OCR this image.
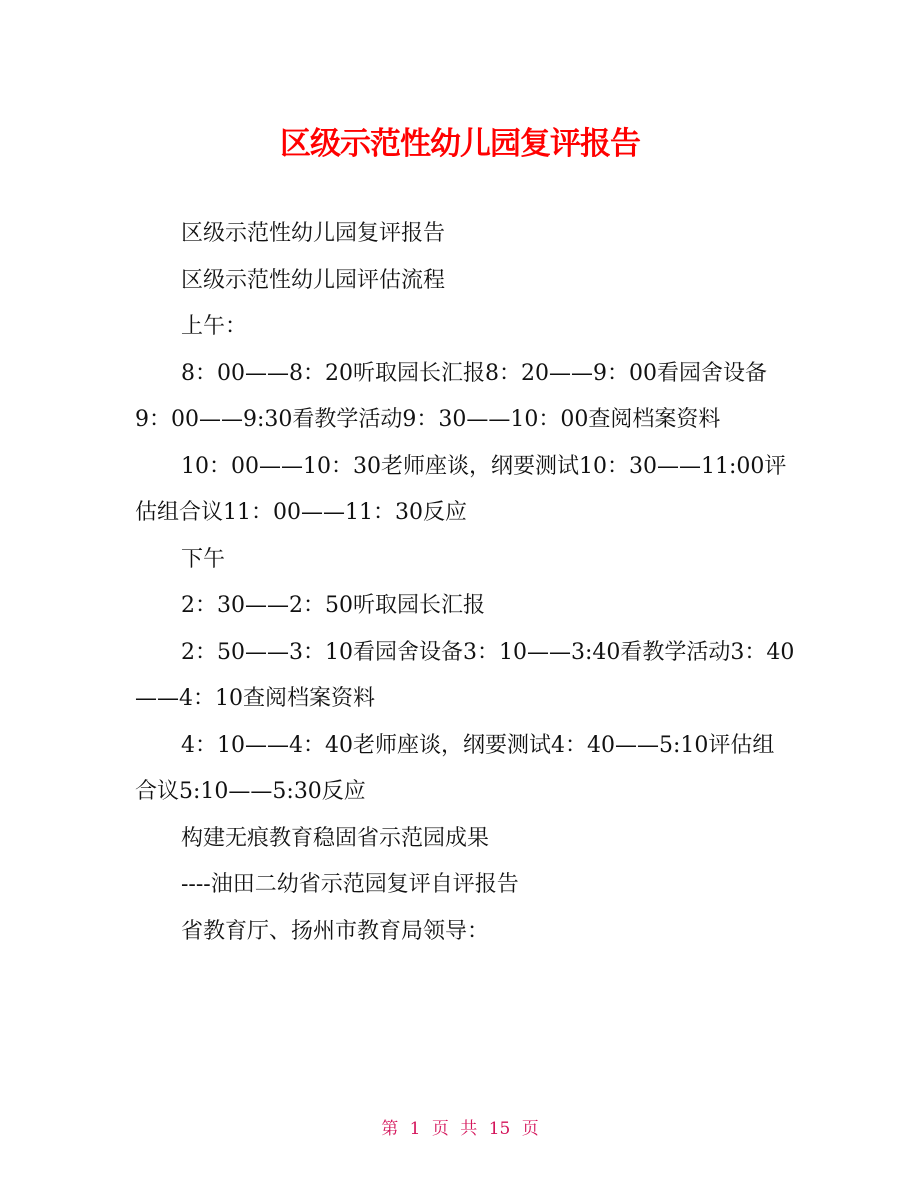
区级示范性幼儿园复评报告

区级示范性幼儿园复评报告

区级示范性幼儿园评估流程

上午：

8：00——8：20听取园长汇报8：20——9：00看园舍设备9：00——9:30看教学活动9：30——10：00查阅档案资料

10：00——10：30老师座谈，纲要测试10：30——11:00评估组合议11：00——11：30反应

下午

2：30——2：50听取园长汇报

2：50——3：10看园舍设备3：10——3:40看教学活动3：40——4：10查阅档案资料

4：10——4：40老师座谈，纲要测试4：40——5:10评估组合议5:10——5:30反应

构建无痕教育稳固省示范园成果

----油田二幼省示范园复评自评报告

省教育厅、扬州市教育局领导：

第 1 页 共 15 页
